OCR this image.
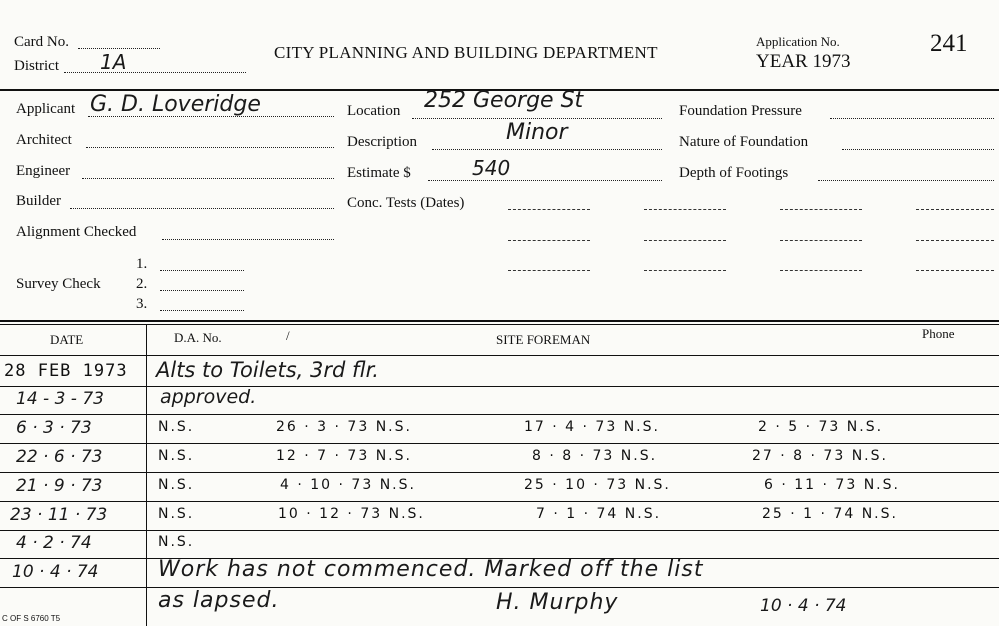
Card No.
District 1A	CITY PLANNING AND BUILDING DEPARTMENT
Application No.
YEAR 1973
241
Applicant G. D. Loveridge
Architect
Engineer
Builder
Alignment Checked
Survey Check
1.
2.
3.
Location 252 George St
Description	Minor
Estimate $	540
Conc. Tests (Dates)
Foundation Pressure
Nature of Foundation
Depth of Footings
DATE	D.A. No.	/	SITE FOREMAN	Phone
28 FEB 1973 Alts to Toilets, 3rd flr.
14 - 3 - 73	approved.
6 · 3 · 73	N.S.	26 · 3 · 73 N.S.	17 · 4 · 73 N.S.	2 · 5 · 73 N.S.
22 · 6 · 73	N.S.	12 · 7 · 73 N.S.	8 · 8 · 73 N.S.	27 · 8 · 73 N.S.
21 · 9 · 73	N.S.	4 · 10 · 73 N.S.	25 · 10 · 73 N.S.	6 · 11 · 73 N.S.
23 · 11 · 73	N.S.	10 · 12 · 73 N.S.	7 · 1 · 74 N.S.	25 · 1 · 74 N.S.
4 · 2 · 74	N.S.
10 · 4 · 74	Work has not commenced. Marked off the list
as lapsed.	H. Murphy	10 · 4 · 74
C OF S 6760 T5
